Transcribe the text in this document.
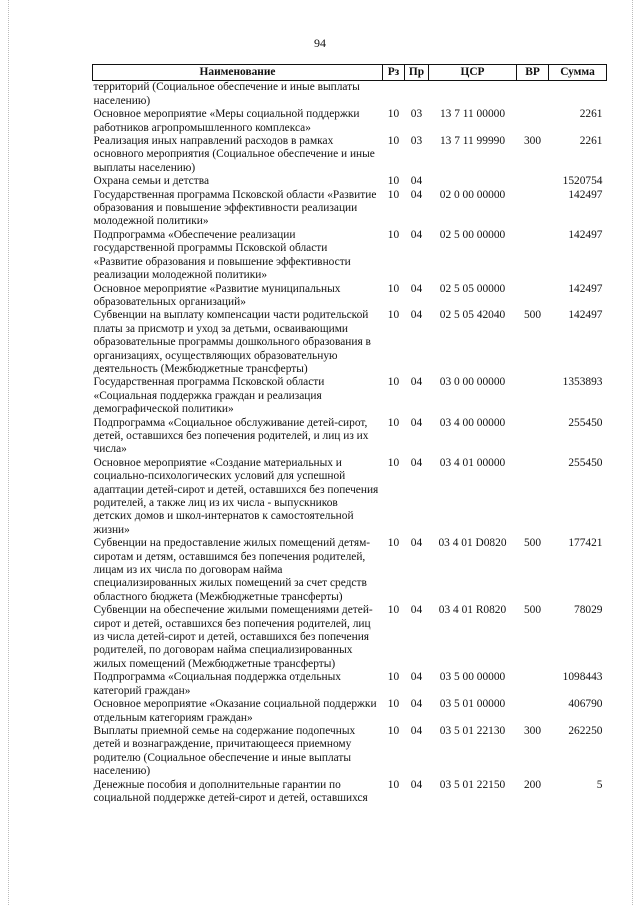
94
Наименование	Рз	Пр	ЦСР	ВР	Сумма
территорий (Социальное обеспечение и иные выплаты населению)					
Основное мероприятие «Меры социальной поддержки работников агропромышленного комплекса»	10	03	13 7 11 00000		2261
Реализация иных направлений расходов в рамках основного мероприятия (Социальное обеспечение и иные выплаты населению)	10	03	13 7 11 99990	300	2261
Охрана семьи и детства	10	04			1520754
Государственная программа Псковской области «Развитие образования и повышение эффективности реализации молодежной политики»	10	04	02 0 00 00000		142497
Подпрограмма «Обеспечение реализации государственной программы Псковской области «Развитие образования и повышение эффективности реализации молодежной политики»	10	04	02 5 00 00000		142497
Основное мероприятие «Развитие муниципальных образовательных организаций»	10	04	02 5 05 00000		142497
Субвенции на выплату компенсации части родительской платы за присмотр и уход за детьми, осваивающими образовательные программы дошкольного образования в организациях, осуществляющих образовательную деятельность (Межбюджетные трансферты)	10	04	02 5 05 42040	500	142497
Государственная программа Псковской области «Социальная поддержка граждан и реализация демографической политики»	10	04	03 0 00 00000		1353893
Подпрограмма «Социальное обслуживание детей-сирот, детей, оставшихся без попечения родителей, и лиц из их числа»	10	04	03 4 00 00000		255450
Основное мероприятие «Создание материальных и социально-психологических условий для успешной адаптации детей-сирот и детей, оставшихся без попечения родителей, а также лиц из их числа - выпускников детских домов и школ-интернатов к самостоятельной жизни»	10	04	03 4 01 00000		255450
Субвенции на предоставление жилых помещений детям-сиротам и детям, оставшимся без попечения родителей, лицам из их числа по договорам найма специализированных жилых помещений за счет средств областного бюджета (Межбюджетные трансферты)	10	04	03 4 01 D0820	500	177421
Субвенции на обеспечение жилыми помещениями детей-сирот и детей, оставшихся без попечения родителей, лиц из числа детей-сирот и детей, оставшихся без попечения родителей, по договорам найма специализированных жилых помещений (Межбюджетные трансферты)	10	04	03 4 01 R0820	500	78029
Подпрограмма «Социальная поддержка отдельных категорий граждан»	10	04	03 5 00 00000		1098443
Основное мероприятие «Оказание социальной поддержки отдельным категориям граждан»	10	04	03 5 01 00000		406790
Выплаты приемной семье на содержание подопечных детей и вознаграждение, причитающееся приемному родителю (Социальное обеспечение и иные выплаты населению)	10	04	03 5 01 22130	300	262250
Денежные пособия и дополнительные гарантии по социальной поддержке детей-сирот и детей, оставшихся	10	04	03 5 01 22150	200	5
